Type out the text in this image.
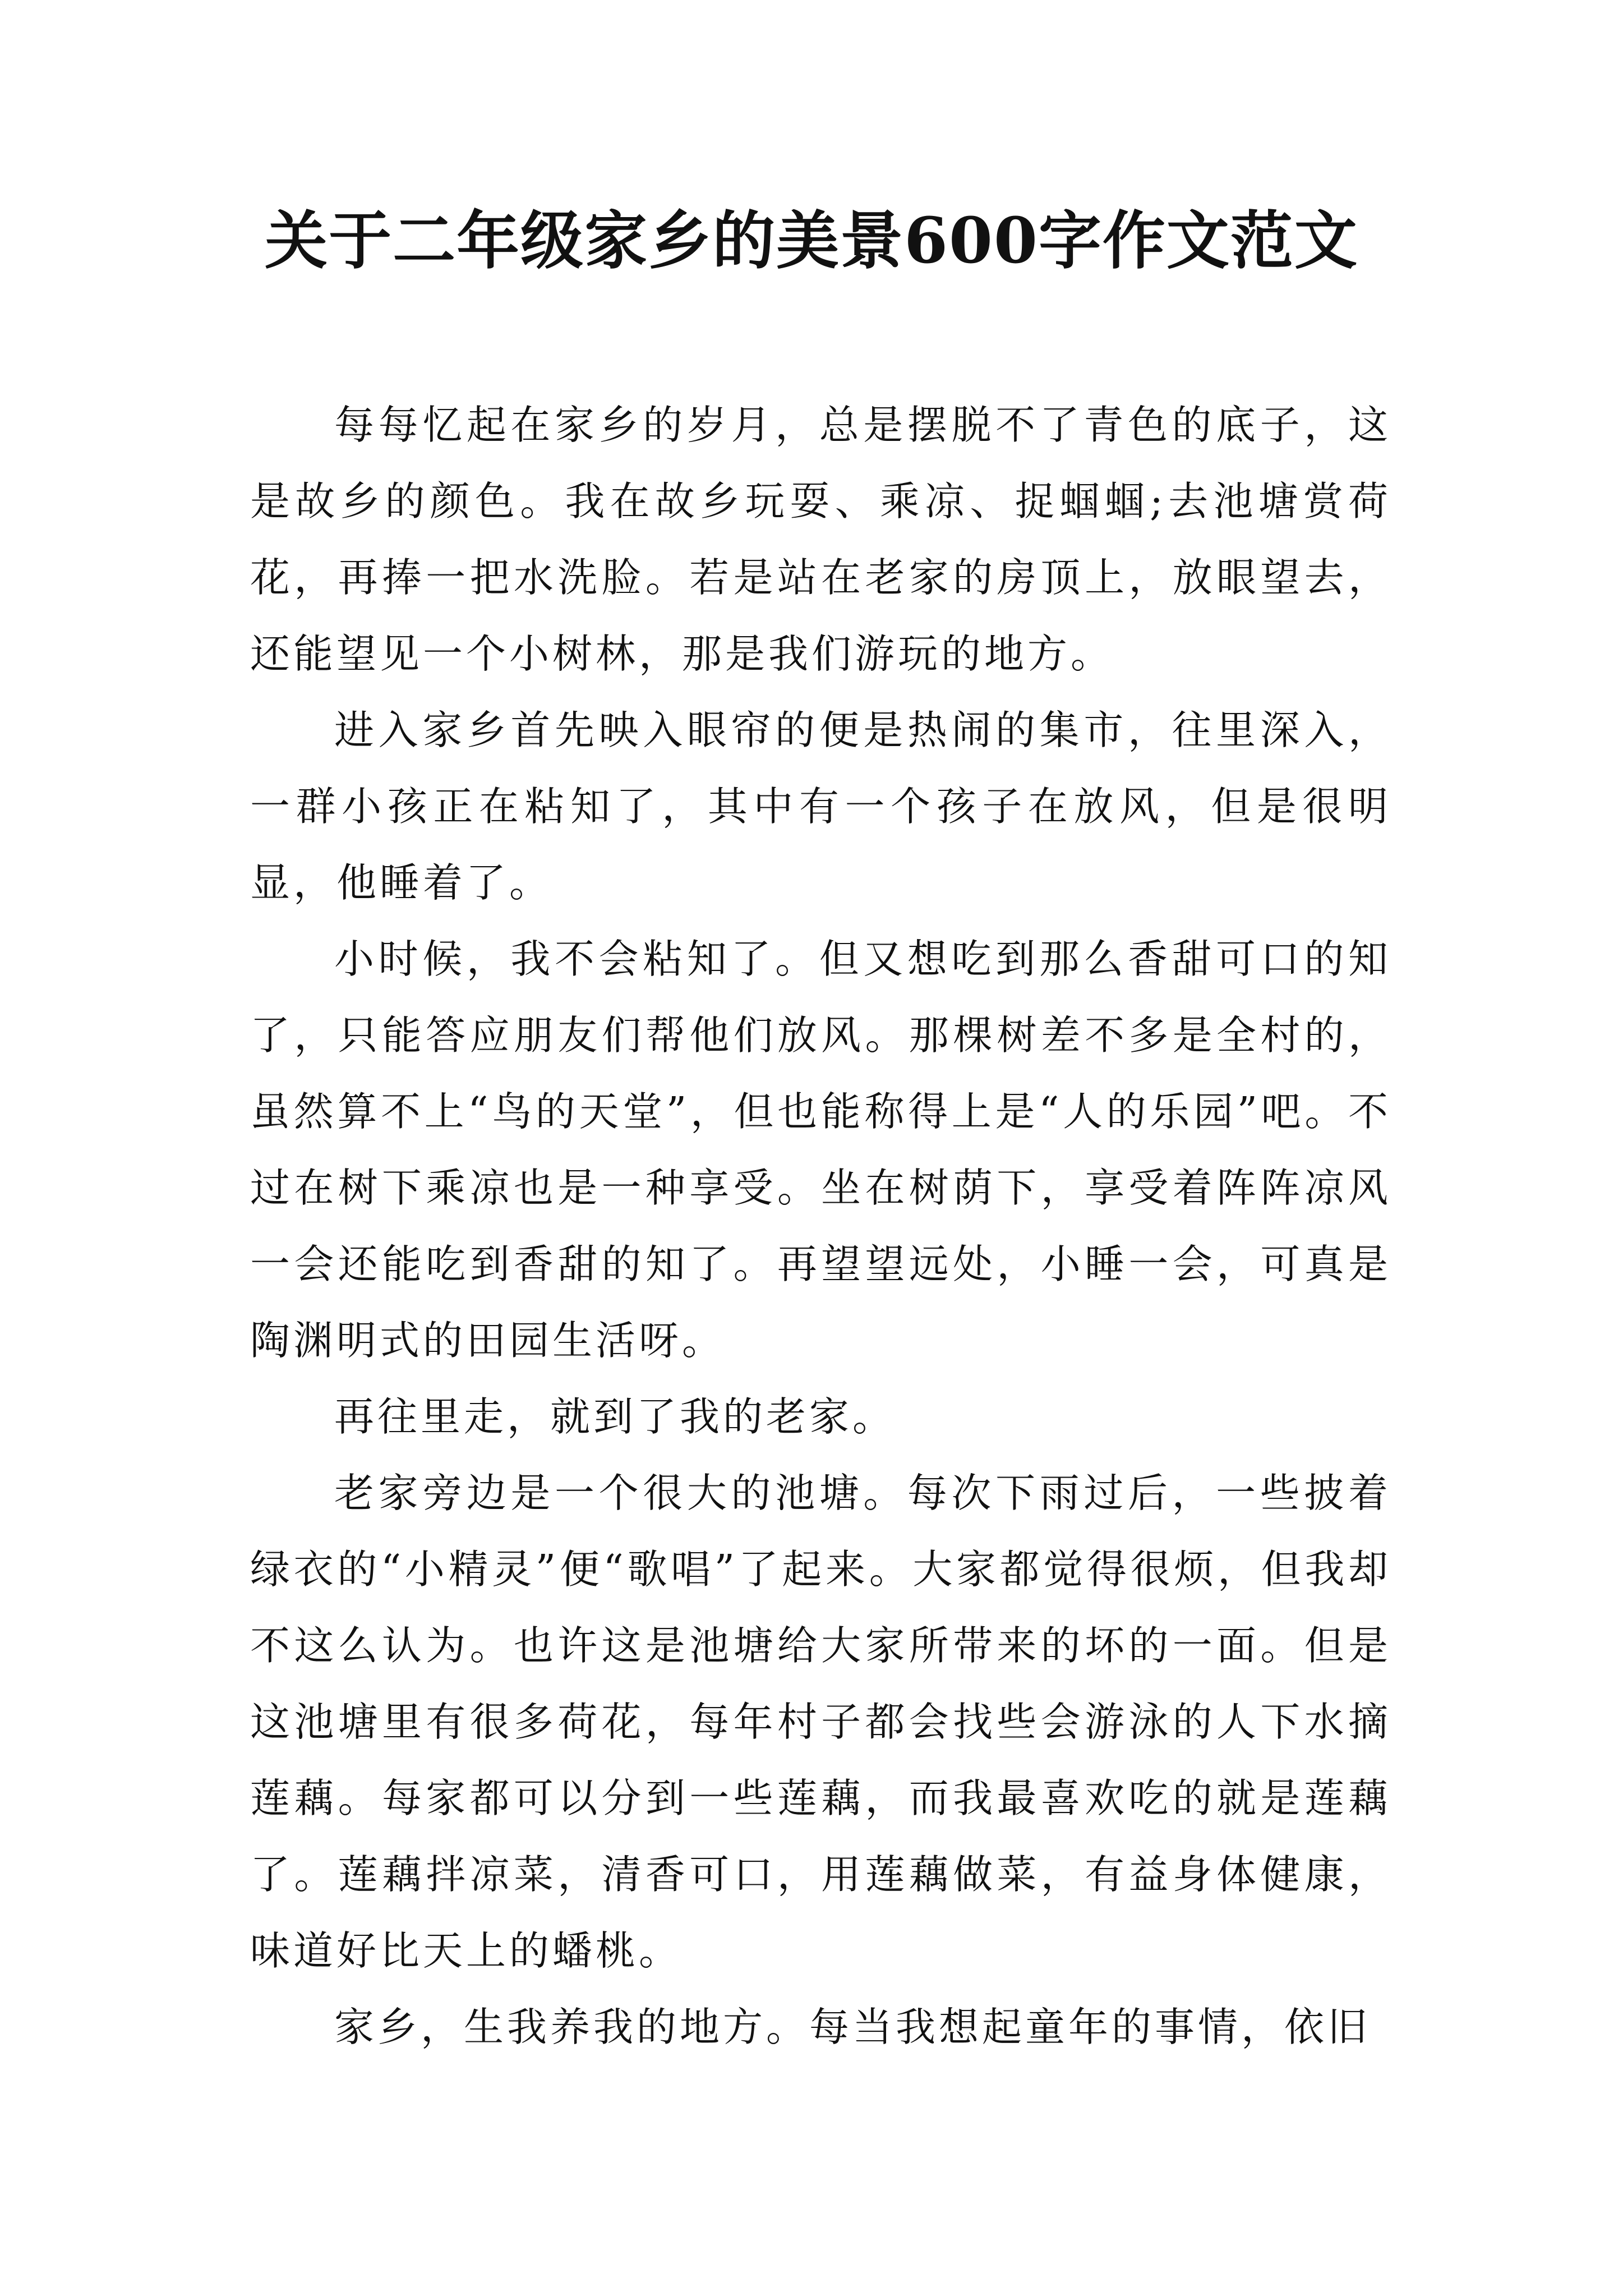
关于二年级家乡的美景600字作文范文

每每忆起在家乡的岁月，总是摆脱不了青色的底子，这是故乡的颜色。我在故乡玩耍、乘凉、捉蝈蝈;去池塘赏荷花，再捧一把水洗脸。若是站在老家的房顶上，放眼望去，还能望见一个小树林，那是我们游玩的地方。

进入家乡首先映入眼帘的便是热闹的集市，往里深入，一群小孩正在粘知了，其中有一个孩子在放风，但是很明显，他睡着了。

小时候，我不会粘知了。但又想吃到那么香甜可口的知了，只能答应朋友们帮他们放风。那棵树差不多是全村的，虽然算不上“鸟的天堂”，但也能称得上是“人的乐园”吧。不过在树下乘凉也是一种享受。坐在树荫下，享受着阵阵凉风一会还能吃到香甜的知了。再望望远处，小睡一会，可真是陶渊明式的田园生活呀。

再往里走，就到了我的老家。

老家旁边是一个很大的池塘。每次下雨过后，一些披着绿衣的“小精灵”便“歌唱”了起来。大家都觉得很烦，但我却不这么认为。也许这是池塘给大家所带来的坏的一面。但是这池塘里有很多荷花，每年村子都会找些会游泳的人下水摘莲藕。每家都可以分到一些莲藕，而我最喜欢吃的就是莲藕了。莲藕拌凉菜，清香可口，用莲藕做菜，有益身体健康，味道好比天上的蟠桃。

家乡，生我养我的地方。每当我想起童年的事情，依旧
